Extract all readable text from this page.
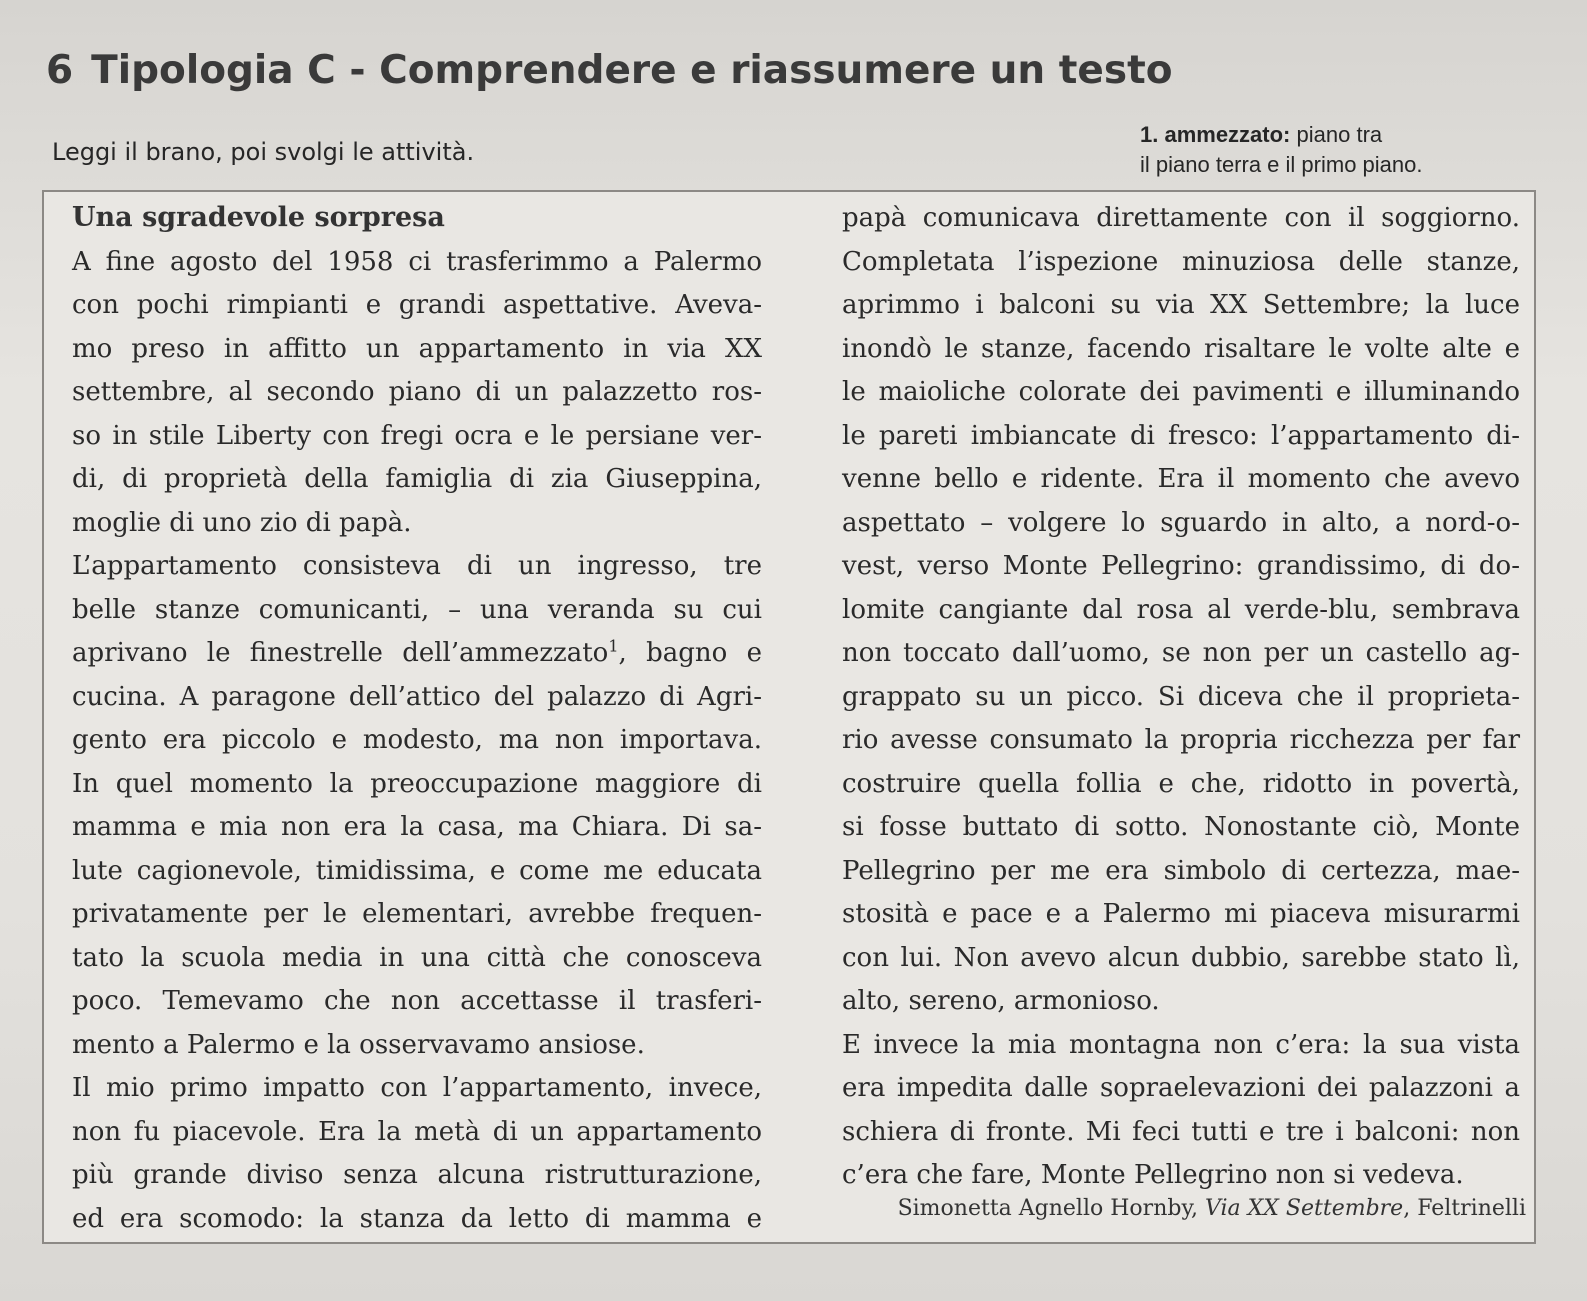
6 Tipologia C - Comprendere e riassumere un testo
Leggi il brano, poi svolgi le attività.
1. ammezzato: piano tra
il piano terra e il primo piano.
Una sgradevole sorpresa
A fine agosto del 1958 ci trasferimmo a Palermo
con pochi rimpianti e grandi aspettative. Aveva-
mo preso in affitto un appartamento in via XX
settembre, al secondo piano di un palazzetto ros-
so in stile Liberty con fregi ocra e le persiane ver-
di, di proprietà della famiglia di zia Giuseppina,
moglie di uno zio di papà.
L’appartamento consisteva di un ingresso, tre
belle stanze comunicanti, – una veranda su cui
aprivano le finestrelle dell’ammezzato$^1$, bagno e
cucina. A paragone dell’attico del palazzo di Agri-
gento era piccolo e modesto, ma non importava.
In quel momento la preoccupazione maggiore di
mamma e mia non era la casa, ma Chiara. Di sa-
lute cagionevole, timidissima, e come me educata
privatamente per le elementari, avrebbe frequen-
tato la scuola media in una città che conosceva
poco. Temevamo che non accettasse il trasferi-
mento a Palermo e la osservavamo ansiose.
Il mio primo impatto con l’appartamento, invece,
non fu piacevole. Era la metà di un appartamento
più grande diviso senza alcuna ristrutturazione,
ed era scomodo: la stanza da letto di mamma e
papà comunicava direttamente con il soggiorno.
Completata l’ispezione minuziosa delle stanze,
aprimmo i balconi su via XX Settembre; la luce
inondò le stanze, facendo risaltare le volte alte e
le maioliche colorate dei pavimenti e illuminando
le pareti imbiancate di fresco: l’appartamento di-
venne bello e ridente. Era il momento che avevo
aspettato – volgere lo sguardo in alto, a nord-o-
vest, verso Monte Pellegrino: grandissimo, di do-
lomite cangiante dal rosa al verde-blu, sembrava
non toccato dall’uomo, se non per un castello ag-
grappato su un picco. Si diceva che il proprieta-
rio avesse consumato la propria ricchezza per far
costruire quella follia e che, ridotto in povertà,
si fosse buttato di sotto. Nonostante ciò, Monte
Pellegrino per me era simbolo di certezza, mae-
stosità e pace e a Palermo mi piaceva misurarmi
con lui. Non avevo alcun dubbio, sarebbe stato lì,
alto, sereno, armonioso.
E invece la mia montagna non c’era: la sua vista
era impedita dalle sopraelevazioni dei palazzoni a
schiera di fronte. Mi feci tutti e tre i balconi: non
c’era che fare, Monte Pellegrino non si vedeva.
Simonetta Agnello Hornby, Via XX Settembre, Feltrinelli
